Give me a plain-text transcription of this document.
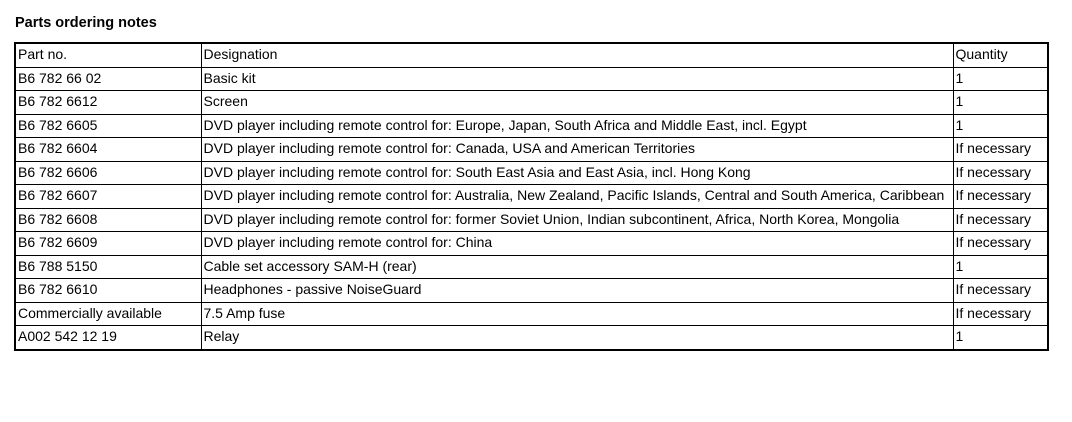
Parts ordering notes
Part no.	Designation	Quantity
B6 782 66 02	Basic kit	1
B6 782 6612	Screen	1
B6 782 6605	DVD player including remote control for: Europe, Japan, South Africa and Middle East, incl. Egypt	1
B6 782 6604	DVD player including remote control for: Canada, USA and American Territories	If necessary
B6 782 6606	DVD player including remote control for: South East Asia and East Asia, incl. Hong Kong	If necessary
B6 782 6607	DVD player including remote control for: Australia, New Zealand, Pacific Islands, Central and South America, Caribbean	If necessary
B6 782 6608	DVD player including remote control for: former Soviet Union, Indian subcontinent, Africa, North Korea, Mongolia	If necessary
B6 782 6609	DVD player including remote control for: China	If necessary
B6 788 5150	Cable set accessory SAM-H (rear)	1
B6 782 6610	Headphones - passive NoiseGuard	If necessary
Commercially available	7.5 Amp fuse	If necessary
A002 542 12 19	Relay	1
